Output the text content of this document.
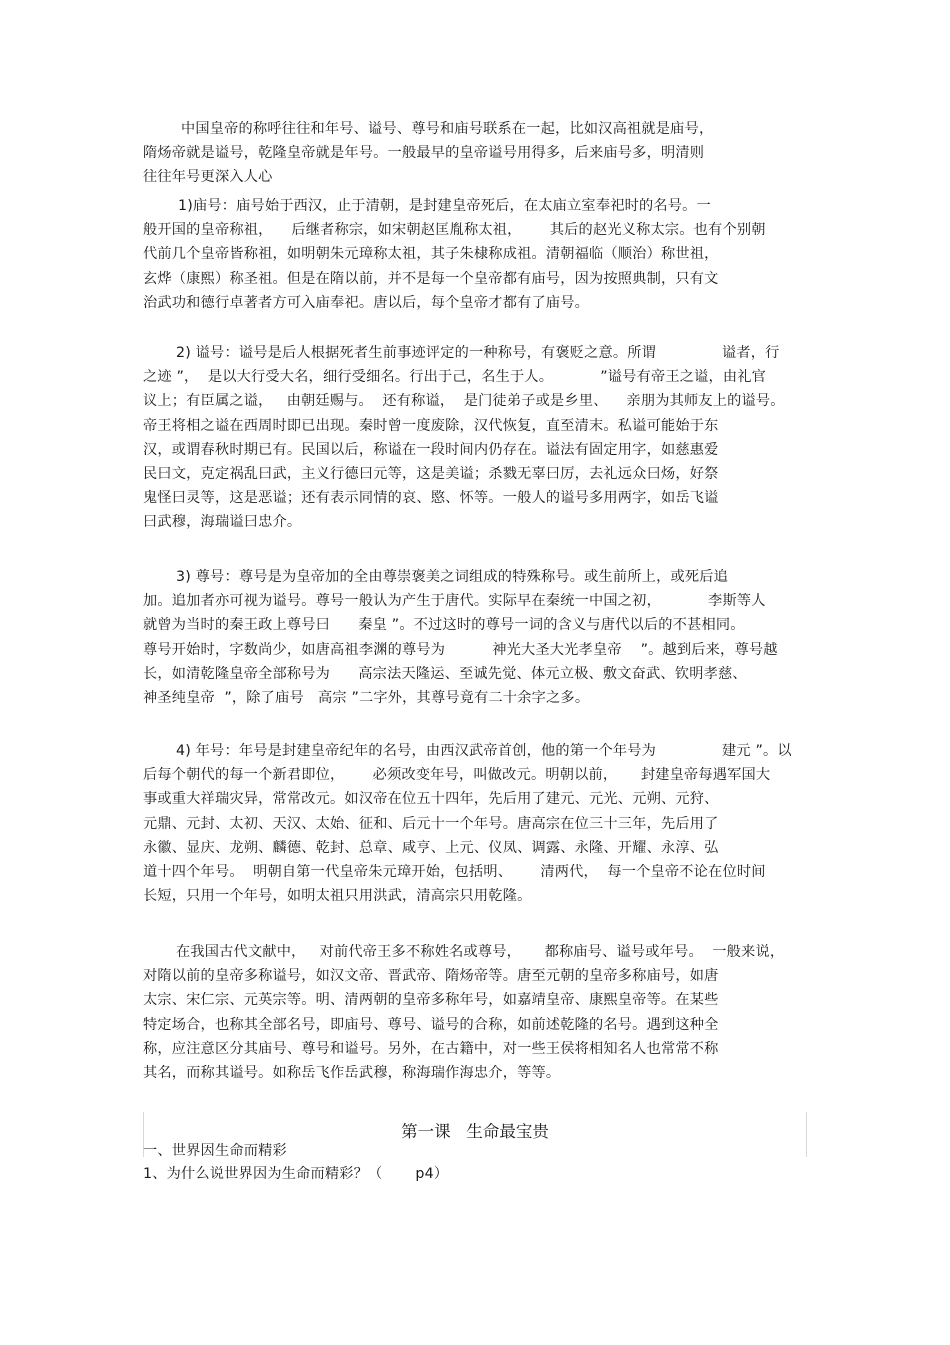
中国皇帝的称呼往往和年号、谥号、尊号和庙号联系在一起，比如汉高祖就是庙号，
隋炀帝就是谥号，乾隆皇帝就是年号。一般最早的皇帝谥号用得多，后来庙号多，明清则
往往年号更深入人心
1)庙号：庙号始于西汉，止于清朝，是封建皇帝死后，在太庙立室奉祀时的名号。一
般开国的皇帝称祖，    后继者称宗，如宋朝赵匡胤称太祖，      其后的赵光义称太宗。也有个别朝
代前几个皇帝皆称祖，如明朝朱元璋称太祖，其子朱棣称成祖。清朝福临（顺治）称世祖，
玄烨（康熙）称圣祖。但是在隋以前，并不是每一个皇帝都有庙号，因为按照典制，只有文
治武功和德行卓著者方可入庙奉祀。唐以后，每个皇帝才都有了庙号。
2) 谥号：谥号是后人根据死者生前事迹评定的一种称号，有褒贬之意。所谓              谥者，行
之迹 ”，  是以大行受大名，细行受细名。行出于己，名生于人。          ”谥号有帝王之谥，由礼官
议上；有臣属之谥，   由朝廷赐与。  还有称谥，  是门徒弟子或是乡里、    亲朋为其师友上的谥号。
帝王将相之谥在西周时即已出现。秦时曾一度废除，汉代恢复，直至清末。私谥可能始于东
汉，或谓春秋时期已有。民国以后，称谥在一段时间内仍存在。谥法有固定用字，如慈惠爱
民曰文，克定祸乱曰武，主义行德曰元等，这是美谥；杀戮无辜曰厉，去礼远众曰炀，好祭
鬼怪曰灵等，这是恶谥；还有表示同情的哀、愍、怀等。一般人的谥号多用两字，如岳飞谥
曰武穆，海瑞谥曰忠介。
3) 尊号：尊号是为皇帝加的全由尊崇褒美之词组成的特殊称号。或生前所上，或死后追
加。追加者亦可视为谥号。尊号一般认为产生于唐代。实际早在秦统一中国之初，          李斯等人
就曾为当时的秦王政上尊号曰      秦皇 ”。不过这时的尊号一词的含义与唐代以后的不甚相同。
尊号开始时，字数尚少，如唐高祖李渊的尊号为          神光大圣大光孝皇帝    ”。越到后来，尊号越
长，如清乾隆皇帝全部称号为      高宗法天隆运、至诚先觉、体元立极、敷文奋武、钦明孝慈、
神圣纯皇帝  ”，除了庙号   高宗 ”二字外，其尊号竟有二十余字之多。
4) 年号：年号是封建皇帝纪年的名号，由西汉武帝首创，他的第一个年号为              建元 ”。以
后每个朝代的每一个新君即位，      必须改变年号，叫做改元。明朝以前，     封建皇帝每遇军国大
事或重大祥瑞灾异，常常改元。如汉帝在位五十四年，先后用了建元、元光、元朔、元狩、
元鼎、元封、太初、天汉、太始、征和、后元十一个年号。唐高宗在位三十三年，先后用了
永徽、显庆、龙朔、麟德、乾封、总章、咸亨、上元、仪凤、调露、永隆、开耀、永淳、弘
道十四个年号。  明朝自第一代皇帝朱元璋开始，包括明、      清两代，  每一个皇帝不论在位时间
长短，只用一个年号，如明太祖只用洪武，清高宗只用乾隆。
在我国古代文献中，   对前代帝王多不称姓名或尊号，     都称庙号、谥号或年号。  一般来说，
对隋以前的皇帝多称谥号，如汉文帝、晋武帝、隋炀帝等。唐至元朝的皇帝多称庙号，如唐
太宗、宋仁宗、元英宗等。明、清两朝的皇帝多称年号，如嘉靖皇帝、康熙皇帝等。在某些
特定场合，也称其全部名号，即庙号、尊号、谥号的合称，如前述乾隆的名号。遇到这种全
称，应注意区分其庙号、尊号和谥号。另外，在古籍中，对一些王侯将相知名人也常常不称
其名，而称其谥号。如称岳飞作岳武穆，称海瑞作海忠介，等等。
第一课   生命最宝贵
一、世界因生命而精彩
1、为什么说世界因为生命而精彩？（       p4）
